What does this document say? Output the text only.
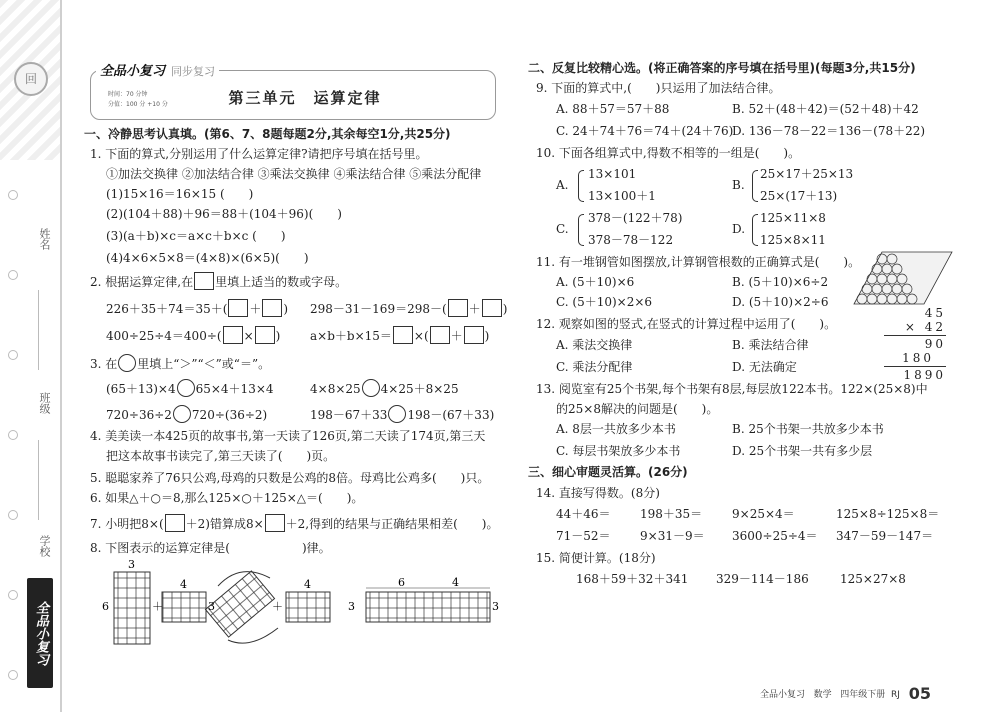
回
姓名
班级
学校
全品小复习
全品小复习 同步复习
时间：70 分钟
分值：100 分 +10 分	第三单元　运算定律
一、冷静思考认真填。(第6、7、8题每题2分,其余每空1分,共25分)
1. 下面的算式,分别运用了什么运算定律?请把序号填在括号里。
①加法交换律 ②加法结合律 ③乘法交换律 ④乘法结合律 ⑤乘法分配律
(1)15×16＝16×15 (　　)
(2)(104＋88)＋96＝88＋(104＋96)(　　)
(3)(a＋b)×c＝a×c＋b×c (　　)
(4)4×6×5×8＝(4×8)×(6×5)(　　)
2. 根据运算定律,在 里填上适当的数或字母。
226＋35＋74＝35＋( ＋ ) 298－31－169＝298－( ＋ )
400÷25÷4＝400÷( × ) a×b＋b×15＝ ×( ＋ )
3. 在 里填上“＞”“＜”或“＝”。
(65＋13)×4 65×4＋13×4	4×8×25 4×25＋8×25
720÷36÷2 720÷(36÷2)	198－67＋33 198－(67＋33)
4. 美美读一本425页的故事书,第一天读了126页,第二天读了174页,第三天
把这本故事书读完了,第三天读了(　　)页。
5. 聪聪家养了76只公鸡,母鸡的只数是公鸡的8倍。母鸡比公鸡多(　　)只。
6. 如果△＋○＝8,那么125×○＋125×△＝(　　)。
7. 小明把8×( ＋2)错算成8× ＋2,得到的结果与正确结果相差(　　)。
8. 下图表示的运算定律是(　　　　　　)律。
3
6	＋
4
3	＋
4
3
6	4
3
二、反复比较精心选。(将正确答案的序号填在括号里)(每题3分,共15分)
9. 下面的算式中,(　　)只运用了加法结合律。
A. 88＋57＝57＋88	B. 52＋(48＋42)＝(52＋48)＋42
C. 24＋74＋76＝74＋(24＋76)
D. 136－78－22＝136－(78＋22)
10. 下面各组算式中,得数不相等的一组是(　　)。
A.
13×101
13×100＋1
B.
25×17＋25×13
25×(17＋13)
C.
378－(122＋78)
378－78－122
D.
125×11×8
125×8×11
11. 有一堆钢管如图摆放,计算钢管根数的正确算式是(　　)。
A. (5＋10)×6	B. (5＋10)×6÷2
C. (5＋10)×2×6	D. (5＋10)×2÷6
12. 观察如图的竖式,在竖式的计算过程中运用了(　　)。
A. 乘法交换律	B. 乘法结合律
C. 乘法分配律	D. 无法确定
45
× 42
90
180
1890
13. 阅览室有25个书架,每个书架有8层,每层放122本书。122×(25×8)中
的25×8解决的问题是(　　)。
A. 8层一共放多少本书	B. 25个书架一共放多少本书
C. 每层书架放多少本书	D. 25个书架一共有多少层
三、细心审题灵活算。(26分)
14. 直接写得数。(8分)
44＋46＝ 198＋35＝ 9×25×4＝	125×8÷125×8＝
71－52＝ 9×31－9＝ 3600÷25÷4＝ 347－59－147＝
15. 简便计算。(18分)
168＋59＋32＋341 329－114－186	125×27×8
全品小复习 数学 四年级下册 RJ 05
